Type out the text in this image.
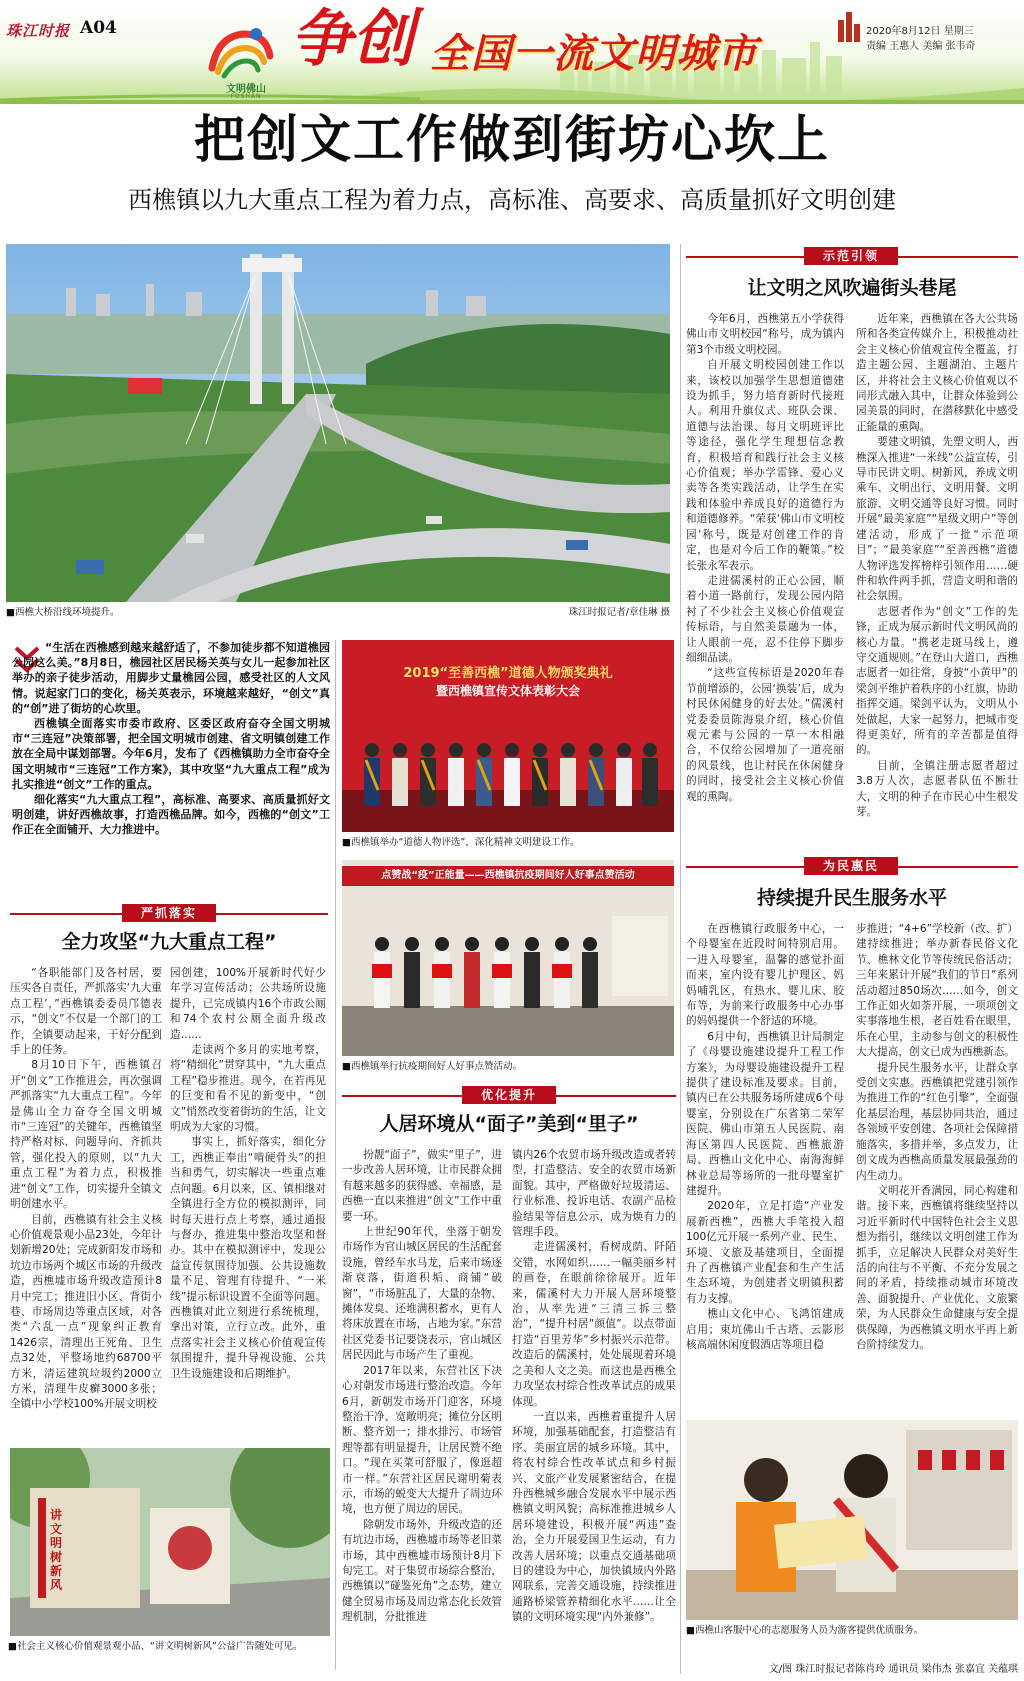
珠江时报 A04
文明佛山
FOSHAN
争创 全国一流文明城市	2020年8月12日 星期三
责编 王惠人 美编 张韦奇
把创文工作做到街坊心坎上
西樵镇以九大重点工程为着力点，高标准、高要求、高质量抓好文明创建
■西樵大桥沿线环境提升。	珠江时报记者/章佳琳 摄

“生活在西樵感到越来越舒适了，不参加徒步都不知道樵园公园这么美。”8月8日，樵园社区居民杨关英与女儿一起参加社区举办的亲子徒步活动，用脚步丈量樵园公园，感受社区的人文风情。说起家门口的变化，杨关英表示，环境越来越好，“创文”真的“创”进了街坊的心坎里。

西樵镇全面落实市委市政府、区委区政府奋夺全国文明城市“三连冠”决策部署，把全国文明城市创建、省文明镇创建工作放在全局中谋划部署。今年6月，发布了《西樵镇助力全市奋夺全国文明城市“三连冠”工作方案》，其中攻坚“九大重点工程”成为扎实推进“创文”工作的重点。

细化落实“九大重点工程”，高标准、高要求、高质量抓好文明创建，讲好西樵故事，打造西樵品牌。如今，西樵的“创文”工作正在全面铺开、大力推进中。

2019“至善西樵”道德人物颁奖典礼
暨西樵镇宣传文体表彰大会
■西樵镇举办“道德人物评选”，深化精神文明建设工作。
点赞战“疫”正能量——西樵镇抗疫期间好人好事点赞活动
■西樵镇举行抗疫期间好人好事点赞活动。
严抓落实
全力攻坚“九大重点工程”

“各职能部门及各村居，要压实各自责任，严抓落实‘九大重点工程’，”西樵镇委委员邝德表示，“创文”不仅是一个部门的工作，全镇要动起来，干好分配到手上的任务。

8月10日下午，西樵镇召开“创文”工作推进会，再次强调严抓落实“九大重点工程”。今年是佛山全力奋夺全国文明城市“三连冠”的关键年，西樵镇坚持严格对标、问题导向、齐抓共管，强化投入的原则，以“九大重点工程”为着力点，积极推进“创文”工作，切实提升全镇文明创建水平。

目前，西樵镇有社会主义核心价值观景观小品23处，今年计划新增20处；完成新阳发市场和坑边市场两个城区市场的升级改造，西樵墟市场升级改造预计8月中完工；推进旧小区、背街小巷、市场周边等重点区域，对各类“六乱一点”现象纠正教育1426宗，清理出王死角、卫生点32处，平整场地约68700平方米，清运建筑垃圾约2000立方米，清理牛皮癣3000多张；全镇中小学校100%开展文明校

园创建，100%开展新时代好少年学习宣传活动；公共场所设施提升，已完成镇内16个市政公厕和74个农村公厕全面升级改造……

走读两个多月的实地考察，将“精细化”贯穿其中，“九大重点工程”稳步推进。现今，在若再见的巨变和看不见的新变中，“创文”悄然改变着街坊的生活，让文明成为大家的习惯。

事实上，抓好落实，细化分工，西樵正奉出“啃硬骨头”的担当和勇气，切实解决一些重点难点问题。6月以来，区、镇相继对全镇进行全方位的模拟测评，同时每天进行点上考察，通过通报与督办，推进集中整治攻坚和督办。其中在模拟测评中，发现公益宣传氛围待加强、公共设施数量不足、管理有待提升、“一米线”提示标识设置不全面等问题。西樵镇对此立刻进行系统梳理，拿出对策，立行立改。此外，重点落实社会主义核心价值观宣传氛围提升，提升导视设施、公共卫生设施建设和后期维护。

讲文明树新风
■社会主义核心价值观景观小品、“讲文明树新风”公益广告随处可见。
优化提升
人居环境从“面子”美到“里子”

扮靓“面子”，做实“里子”，进一步改善人居环境，让市民群众拥有越来越多的获得感、幸福感，是西樵一直以来推进“创文”工作中重要一环。

上世纪90年代，坐落于朝发市场作为官山城区居民的生活配套设施，曾经车水马龙，后来市场逐渐衰落，街道积垢、商铺“破窗”，“市场脏乱了，大量的杂物、摊体发臭、还堆满积蓄水，更有人将床放置在市场，占地为家。”东营社区党委书记要饶表示，官山城区居民因此与市场产生了重视。

2017年以来，东营社区下决心对朝发市场进行整治改造。今年6月，新朝发市场开门迎客，环境整治干净、宽敞明亮；摊位分区明断、整齐划一；排水排污、市场管理等都有明显提升，让居民赞不绝口。“现在买菜可舒服了，像逛超市一样。”东营社区居民谢明菊表示，市场的蜕变大大提升了周边环境，也方便了周边的居民。

除朝发市场外，升级改造的还有坑边市场，西樵墟市场等老旧菜市场，其中西樵墟市场预计8月下旬完工。对于集贸市场综合整治，西樵镇以“碰鉴死角”之态势，建立健全贸易市场及周边常态化长效管理机制，分批推进

镇内26个农贸市场升级改造或者转型，打造整洁、安全的农贸市场新面貌。其中，严格做好垃圾清运、行业标准、投诉电话、农副产品检验结果等信息公示，成为焕有力的管理手段。

走进儒溪村，看树成荫、阡陌交错，水网如织……一幅美丽乡村的画卷，在眼前徐徐展开。近年来，儒溪村大力开展人居环境整治，从率先进“三清三拆三整治”，“提升村居”颜值”。以点带面打造“百里芳华”乡村振兴示范带。改造后的儒溪村，处处展现着环境之美和人文之美。而这也是西樵全力攻坚农村综合性改革试点的成果体现。

一直以来，西樵着重提升人居环境，加强基础配套，打造整洁有序、美丽宜居的城乡环境。其中，将农村综合性改革试点和乡村振兴、文旅产业发展紧密结合，在提升西樵城乡融合发展水平中展示西樵镇文明风貌；高标准推进城乡人居环境建设，积极开展“两违”查治，全力开展爱国卫生运动，有力改善人居环境；以重点交通基础项目的建设为中心，加快镇域内外路网联系，完善交通设施，持续推进通路桥梁管养精细化水平……让全镇的文明环境实现“内外兼修”。

示范引领
让文明之风吹遍街头巷尾

今年6月，西樵第五小学获得佛山市文明校园“称号，成为镇内第3个市级文明校园。

自开展文明校园创建工作以来，该校以加强学生思想道德建设为抓手，努力培育新时代接班人。利用升旗仪式、班队会课、道德与法治课、每月文明班评比等途径，强化学生理想信念教育，积极培育和践行社会主义核心价值观；举办学雷锋、爱心义卖等各类实践活动，让学生在实践和体验中养成良好的道德行为和道德修养。“荣获‘佛山市文明校园’称号，既是对创建工作的肯定，也是对今后工作的鞭策。”校长张永军表示。

走进儒溪村的正心公园，顺着小道一路前行，发现公园内陪衬了不少社会主义核心价值观宣传标语，与自然美景融为一体，让人眼前一亮，忍不住停下脚步细细品读。

“这些宣传标语是2020年春节前增添的，公园‘换装’后，成为村民休闲健身的好去处。”儒溪村党委委员陈海泉介绍，核心价值观元素与公园的一草一木相融合，不仅给公园增加了一道亮丽的风景线，也让村民在休闲健身的同时，接受社会主义核心价值观的熏陶。

近年来，西樵镇在各大公共场所和各类宣传媒介上，积极推动社会主义核心价值观宣传全覆盖，打造主题公园、主题湖泊、主题片区，并将社会主义核心价值观以不同形式融入其中，让群众体验到公园美景的同时，在潜移默化中感受正能量的熏陶。

要建文明镇，先塑文明人，西樵深入推进“一米线”公益宣传，引导市民讲文明、树新风，养成文明乘车、文明出行、文明用餐、文明旅游、文明交通等良好习惯。同时开展“最美家庭”“星级文明户”等创建活动，形成了一批“示范项目”；“最美家庭”“至善西樵”道德人物评选发挥榜样引领作用……硬件和软件两手抓，营造文明和谐的社会氛围。

志愿者作为“创文”工作的先锋，正成为展示新时代文明风尚的核心力量。“携老走斑马线上，遵守交通规则。”在登山大道口，西樵志愿者一如往常，身披“小黄甲”的梁剑平维护着秩序的小红旗，协助指挥交通。梁剑平认为，文明从小处做起，大家一起努力，把城市变得更美好，所有的辛苦都是值得的。

目前，全镇注册志愿者超过3.8万人次，志愿者队伍不断壮大，文明的种子在市民心中生根发芽。

为民惠民
持续提升民生服务水平

在西樵镇行政服务中心，一个母婴室在近段时间特别启用。一进入母婴室，温馨的感觉扑面而来，室内设有婴儿护理区、妈妈哺乳区，有热水、婴儿床、胶布等，为前来行政服务中心办事的妈妈提供一个舒适的环境。

6月中旬，西樵镇卫计局制定了《母婴设施建设提升工程工作方案》，为母婴设施建设提升工程提供了建设标准及要求。目前，镇内已在公共服务场所建成6个母婴室，分别设在广东省第二荣军医院、佛山市第五人民医院、南海区第四人民医院、西樵旅游局、西樵山文化中心、南海海鲜林业总局等场所的一批母婴室扩建提升。

2020年，立足打造“产业发展新西樵”，西樵大手笔投入超100亿元开展一系列产业、民生、环境、文旅及基建项目，全面提升了西樵镇产业配套和生产生活生态环境，为创建者文明镇积蓄有力支撑。

樵山文化中心、飞鸿馆建成启用；束坑佛山千古塔、云影形核高端休闲度假酒店等项目稳

步推进；“4+6”学校新（改、扩）建持续推进；举办新春民俗文化节、樵林文化节等传统民俗活动；三年来累计开展“我们的节日”系列活动超过850场次……如今，创文工作正如火如荼开展，一项项创文实事落地生根，老百姓看在眼里，乐在心里，主动参与创文的积极性大大提高，创文已成为西樵新态。

提升民生服务水平，让群众享受创文实惠。西樵镇把党建引领作为推进工作的“红色引擎”，全面强化基层治理，基层协同共治，通过各领域平安创建、各项社会保障措施落实，多措并举，多点发力，让创文成为西樵高质量发展最强劲的内生动力。

文明花开香满园，同心构建和谐。接下来，西樵镇将继续坚持以习近平新时代中国特色社会主义思想为指引，继续以文明创建工作为抓手，立足解决人民群众对美好生活的向往与不平衡、不充分发展之间的矛盾，持续推动城市环境改善、面貌提升、产业优化、文旅繁荣，为人民群众生命健康与安全提供保障，为西樵镇文明水平再上新台阶持续发力。

■西樵山客服中心的志愿服务人员为游客提供优质服务。
文/图 珠江时报记者陈肖玲 通讯员 梁伟杰 张嘉宜 关蕴琪
